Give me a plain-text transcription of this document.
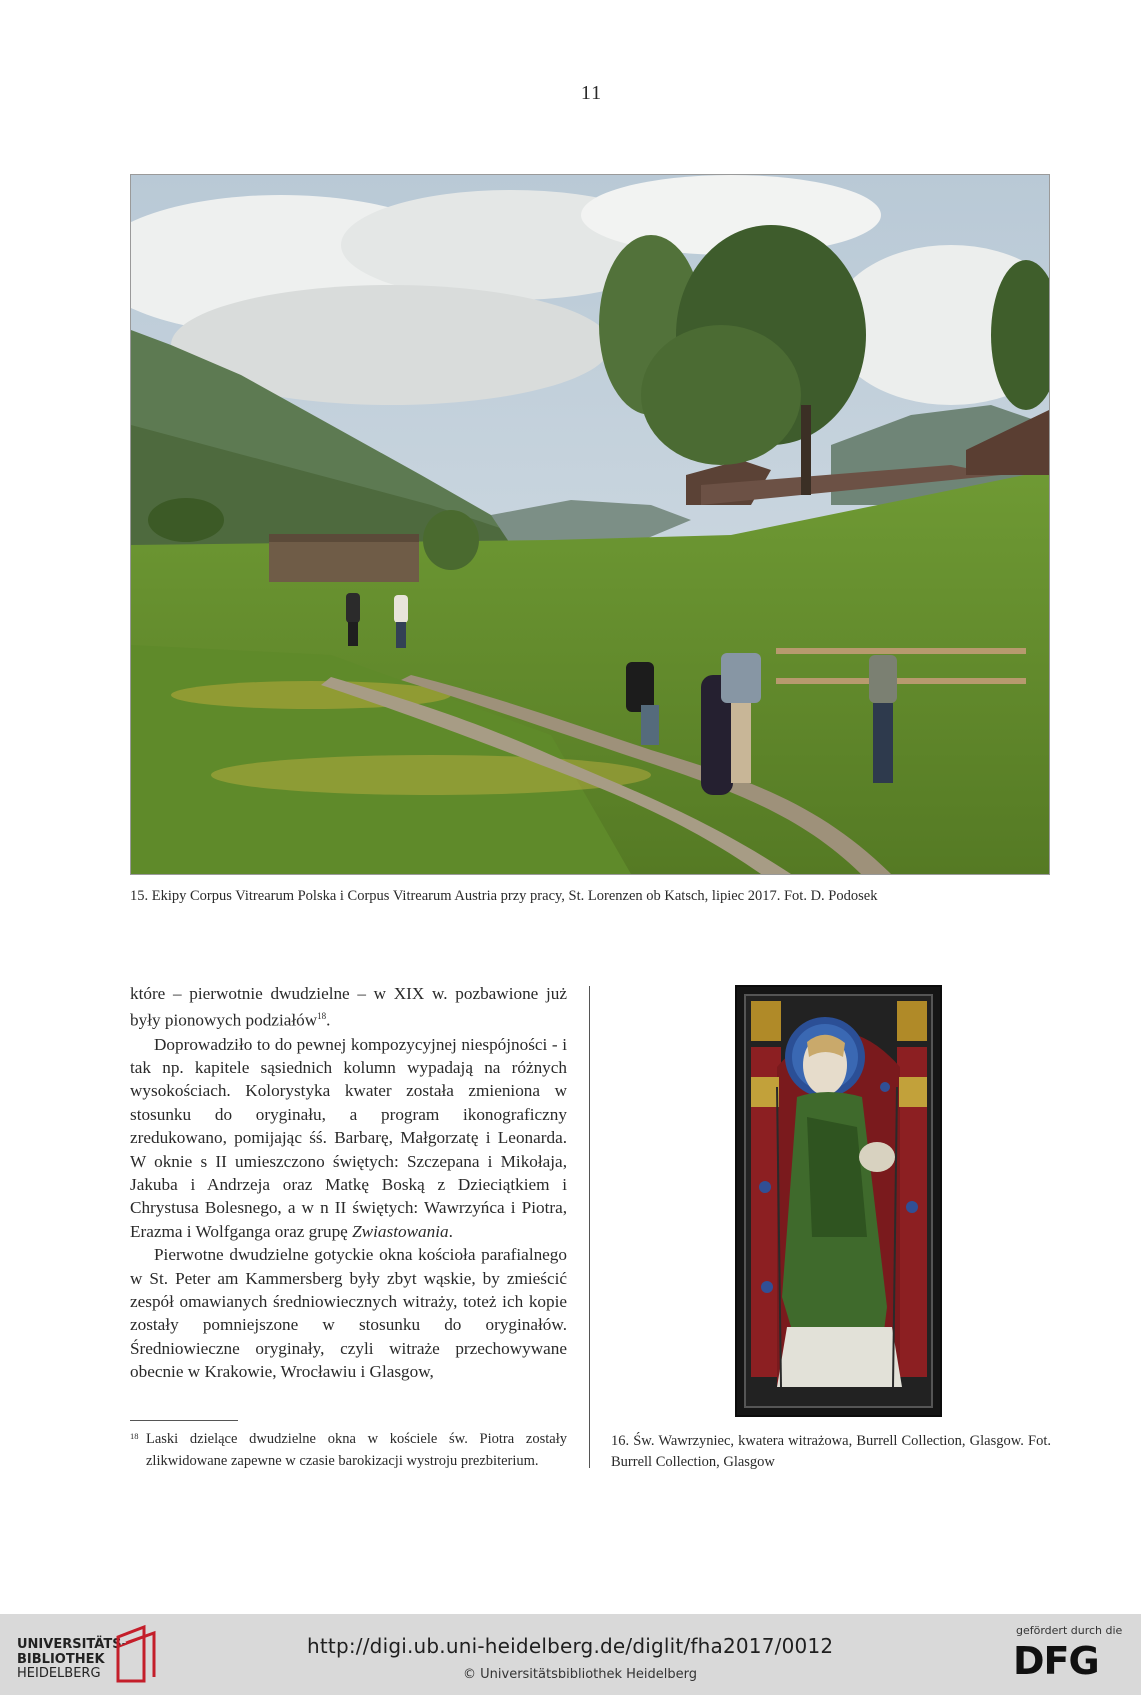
11
15. Ekipy Corpus Vitrearum Polska i Corpus Vitrearum Austria przy pracy, St. Lorenzen ob Katsch, lipiec 2017. Fot. D. Podosek

które – pierwotnie dwudzielne – w XIX w. pozbawione już były pionowych podziałów$^{18}$.

Doprowadziło to do pewnej kompozycyjnej niespójności - i tak np. kapitele sąsiednich kolumn wypadają na różnych wysokościach. Kolorystyka kwater została zmieniona w stosunku do oryginału, a program ikonograficzny zredukowano, pomijając śś. Barbarę, Małgorzatę i Leonarda. W oknie s II umieszczono świętych: Szczepana i Mikołaja, Jakuba i Andrzeja oraz Matkę Boską z Dzieciątkiem i Chrystusa Bolesnego, a w n II świętych: Wawrzyńca i Piotra, Erazma i Wolfganga oraz grupę Zwiastowania.

Pierwotne dwudzielne gotyckie okna kościoła parafialnego w St. Peter am Kammersberg były zbyt wąskie, by zmieścić zespół omawianych średniowiecznych witraży, toteż ich kopie zostały pomniejszone w stosunku do oryginałów. Średniowieczne oryginały, czyli witraże przechowywane obecnie w Krakowie, Wrocławiu i Glasgow,

18 Laski dzielące dwudzielne okna w kościele św. Piotra zostały zlikwidowane zapewne w czasie barokizacji wystroju prezbiterium.
16. Św. Wawrzyniec, kwatera witrażowa, Burrell Collection, Glasgow. Fot. Burrell Collection, Glasgow
UNIVERSITÄTS-
BIBLIOTHEK
HEIDELBERG
http://digi.ub.uni-heidelberg.de/diglit/fha2017/0012
© Universitätsbibliothek Heidelberg
gefördert durch die
DFG
